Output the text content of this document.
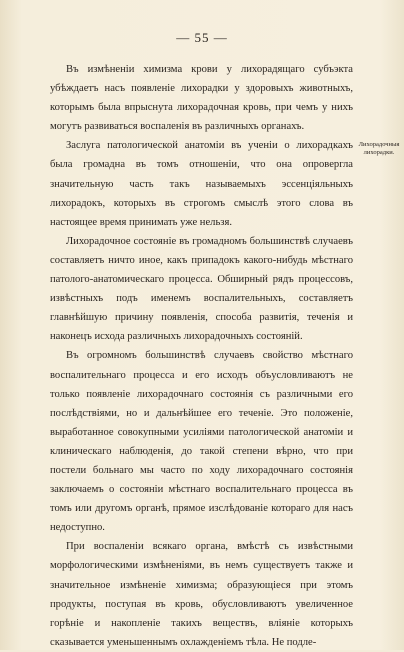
— 55 —
Лихорадочныя лихорадки.

Въ измѣненіи химизма крови у лихорадящаго субъэкта убѣждаетъ насъ появленіе лихорадки у здоровыхъ животныхъ, которымъ была впрыснута лихорадочная кровь, при чемъ у нихъ могутъ развиваться воспаленія въ различныхъ органахъ.

Заслуга патологической анатоміи въ ученіи о лихорадкахъ была громадна въ томъ отношеніи, что она опровергла значительную часть такъ называемыхъ эссенціяльныхъ лихорадокъ, которыхъ въ строгомъ смыслѣ этого слова въ настоящее время принимать уже нельзя.

Лихорадочное состояніе въ громадномъ большинствѣ случаевъ составляетъ ничто иное, какъ припадокъ какого-нибудь мѣстнаго патолого-анатомическаго процесса. Обширный рядъ процессовъ, извѣстныхъ подъ именемъ воспалительныхъ, составляетъ главнѣйшую причину появленія, способа развитія, теченія и наконецъ исхода различныхъ лихорадочныхъ состояній.

Въ огромномъ большинствѣ случаевъ свойство мѣстнаго воспалительнаго процесса и его исходъ объусловливаютъ не только появленіе лихорадочнаго состоянія съ различными его послѣдствіями, но и дальнѣйшее его теченіе. Это положеніе, выработанное совокупными усиліями патологической анатоміи и клиническаго наблюденія, до такой степени вѣрно, что при постели больнаго мы часто по ходу лихорадочнаго состоянія заключаемъ о состояніи мѣстнаго воспалительнаго процесса въ томъ или другомъ органѣ, прямое изслѣдованіе котораго для насъ недоступно.

При воспаленіи всякаго органа, вмѣстѣ съ извѣстными морфологическими измѣненіями, въ немъ существуетъ также и значительное измѣненіе химизма; образующіеся при этомъ продукты, поступая въ кровь, обусловливаютъ увеличенное горѣніе и накопленіе такихъ веществъ, вліяніе которыхъ сказывается уменьшеннымъ охлажденіемъ тѣла. Не подле-
